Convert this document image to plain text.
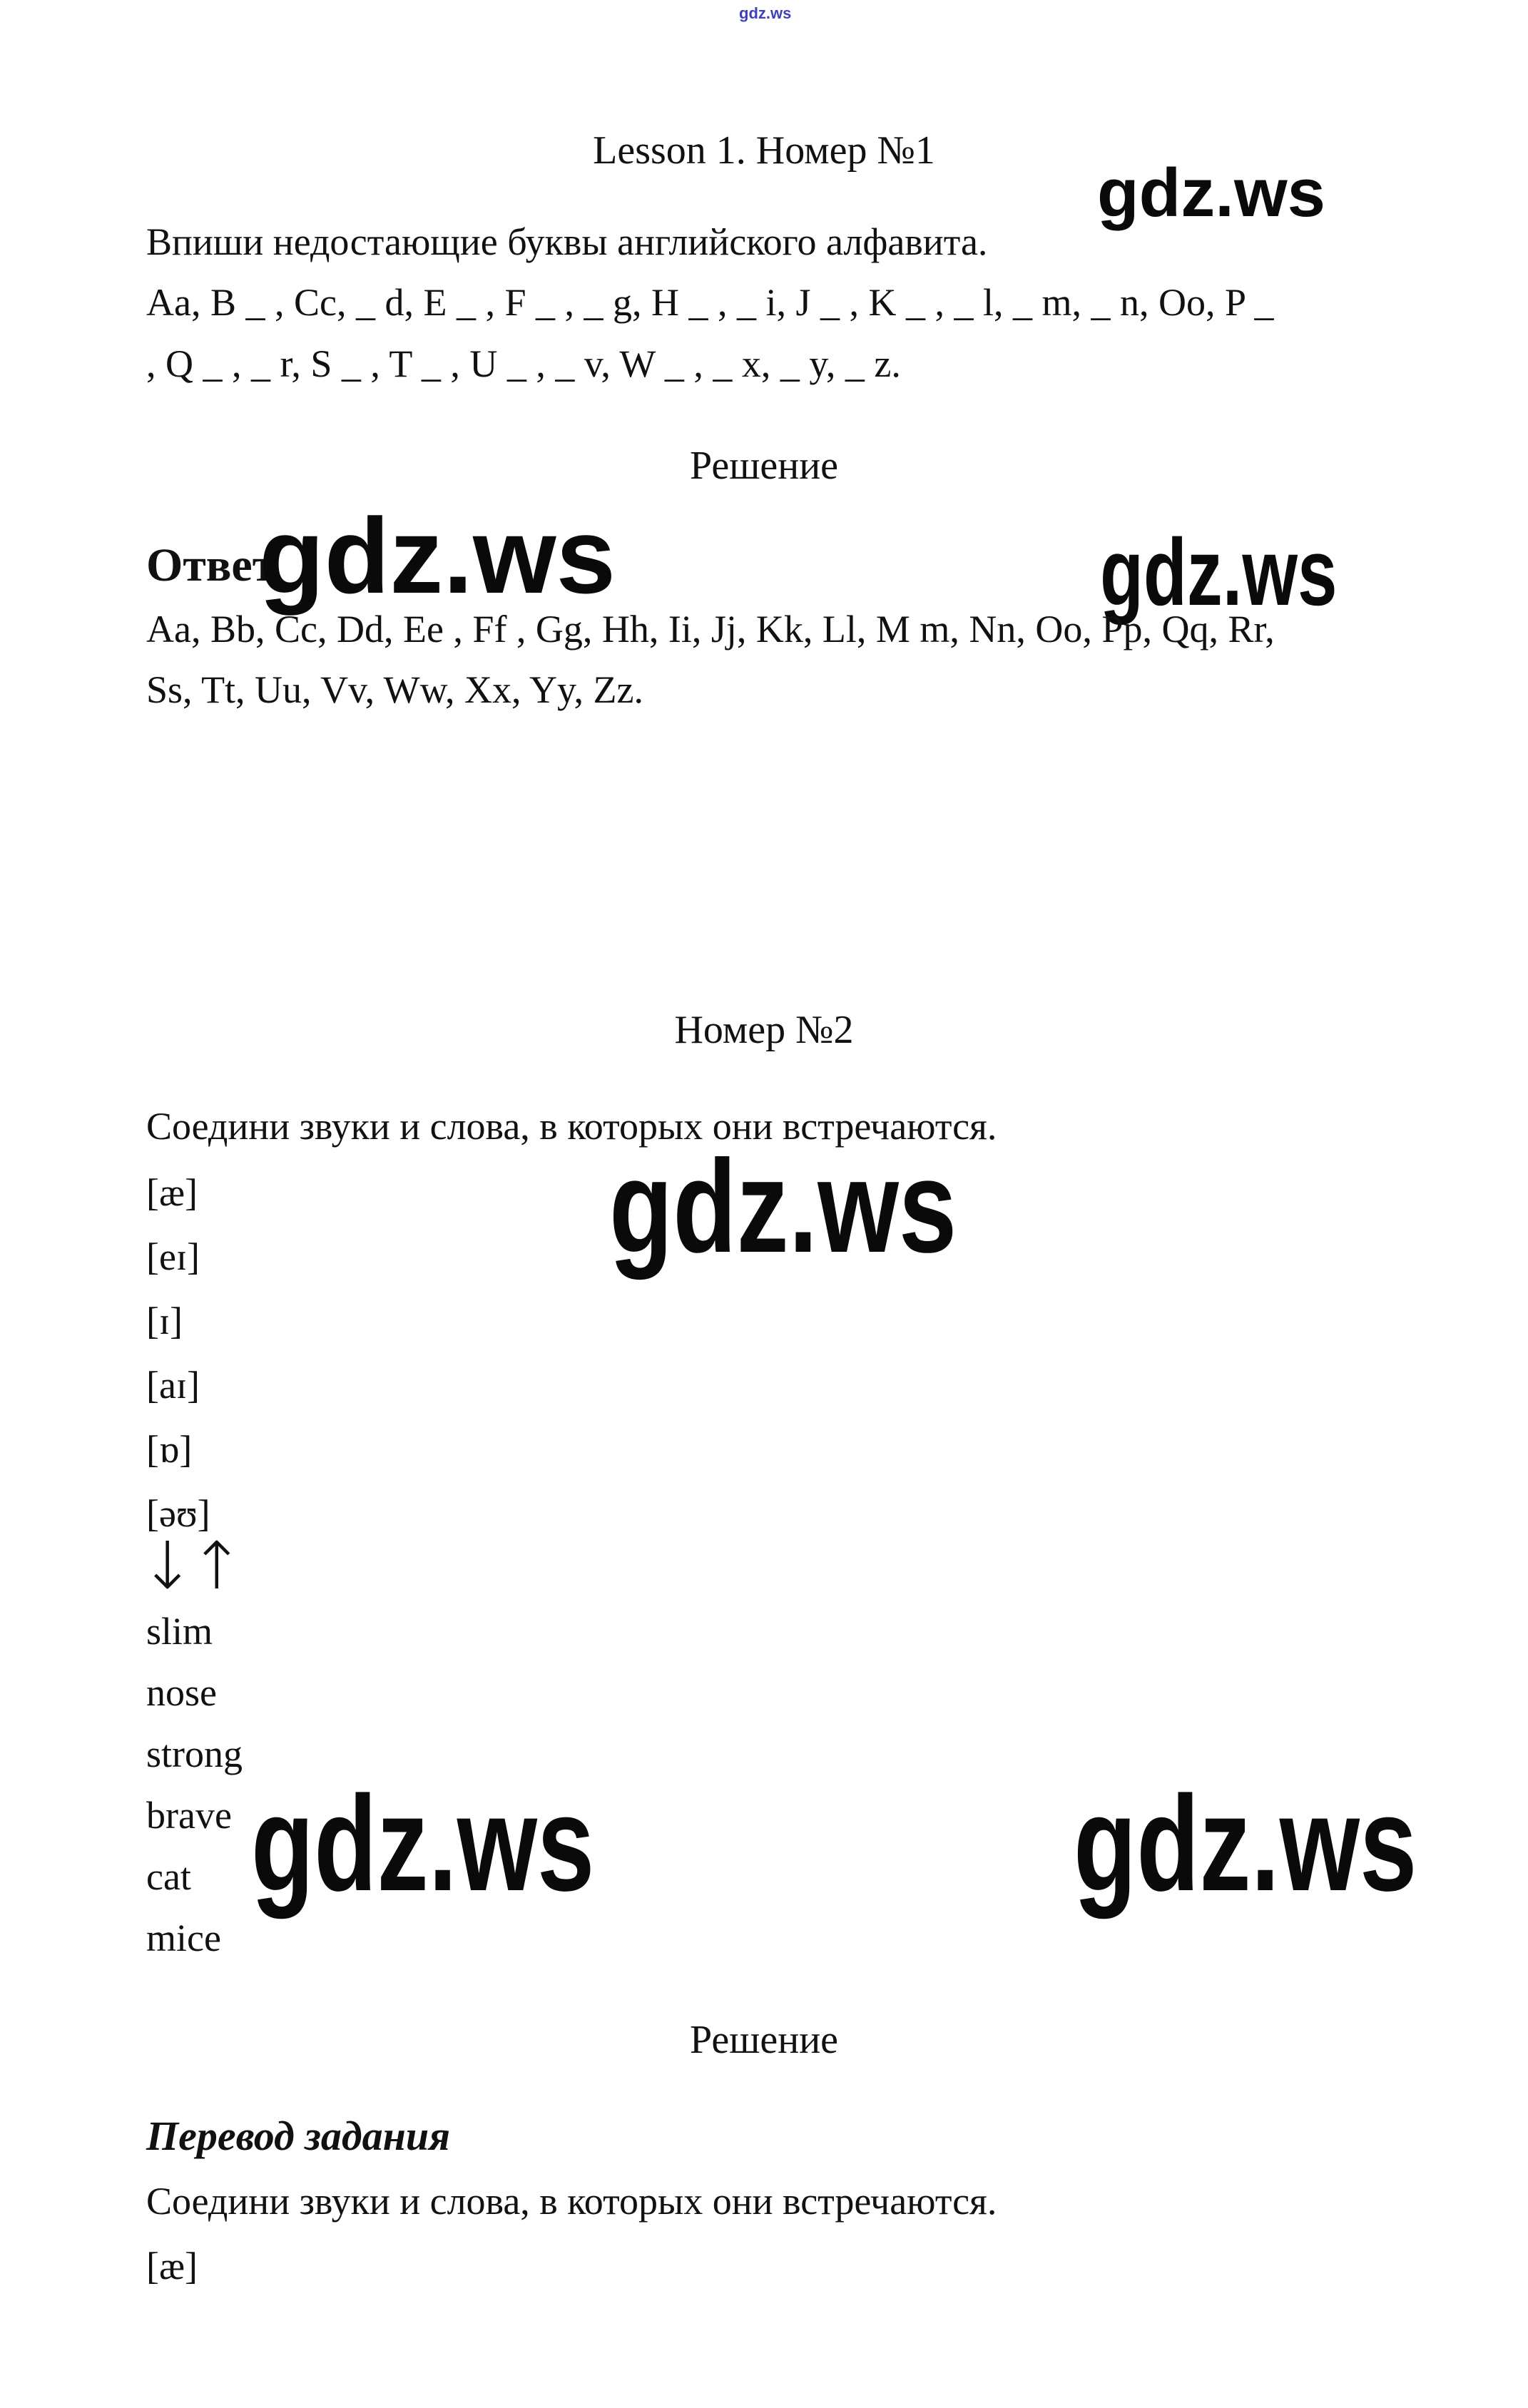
gdz.ws
Lesson 1. Номер №1
gdz.ws
Впиши недостающие буквы английского алфавита.
Aa, B _ , Cc, _ d, E _ , F _ , _ g, H _ , _ i, J _ , K _ , _ l, _ m, _ n, Oo, P _
, Q _ , _ r, S _ , T _ , U _ , _ v, W _ , _ x, _ y, _ z.
Решение
Ответ
gdz.ws	gdz.ws
Aa, Bb, Cc, Dd, Ee , Ff , Gg, Hh, Ii, Jj, Kk, Ll, M m, Nn, Oo, Pp, Qq, Rr,
Ss, Tt, Uu, Vv, Ww, Xx, Yy, Zz.
Номер №2
Соедини звуки и слова, в которых они встречаются.
gdz.ws
[æ]
[eɪ]
[ɪ]
[aɪ]
[ɒ]
[əʊ]
↓↑
slim
nose
strong
brave
cat
mice
gdz.ws	gdz.ws
Решение
Перевод задания
Соедини звуки и слова, в которых они встречаются.
[æ]
